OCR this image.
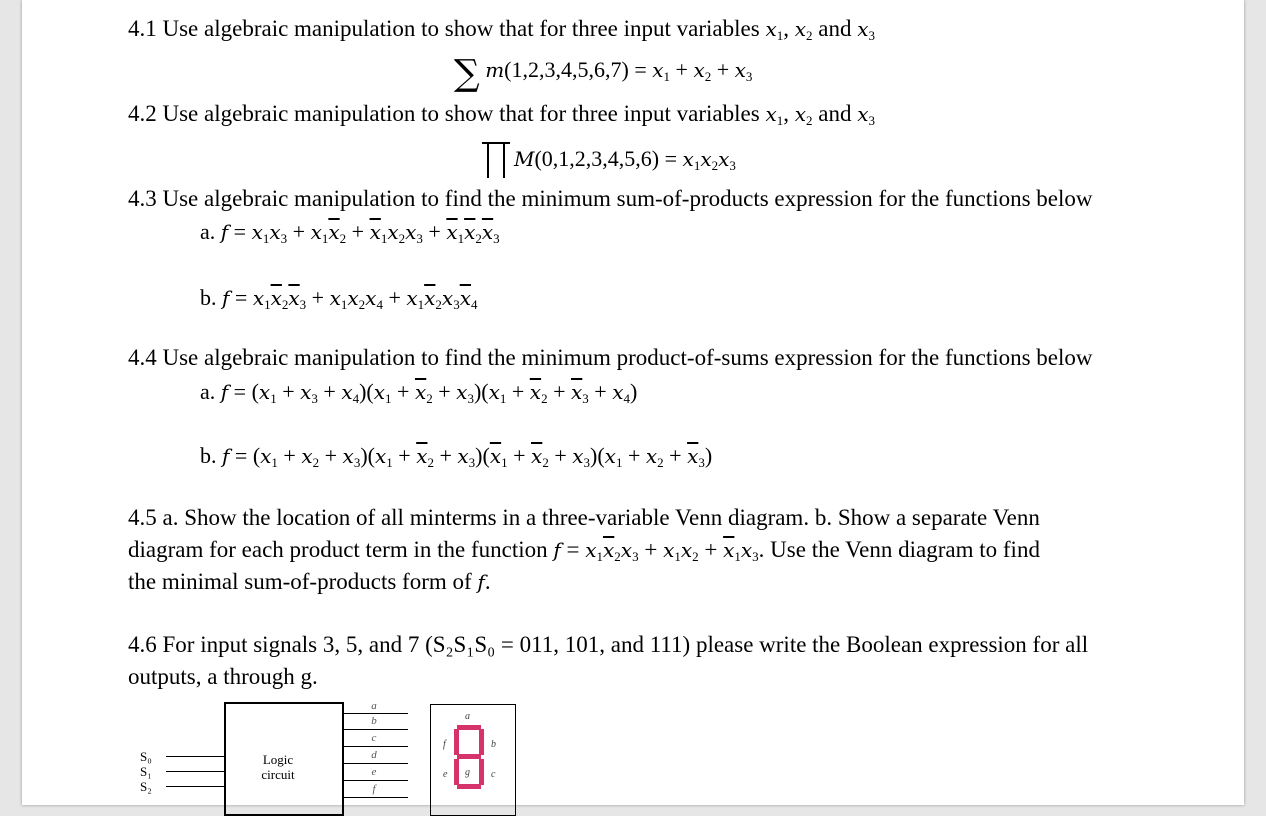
4.1 Use algebraic manipulation to show that for three input variables $x_1$, $x_2$ and $x_3$
∑ $m(1,2,3,4,5,6,7) = x_1 + x_2 + x_3$
4.2 Use algebraic manipulation to show that for three input variables $x_1$, $x_2$ and $x_3$
$M(0,1,2,3,4,5,6) = x_1x_2x_3$
4.3 Use algebraic manipulation to find the minimum sum-of-products expression for the functions below
a. $f = x_1x_3 + x_1\overline{x}_2 + \overline{x}_1x_2x_3 + \overline{x}_1\overline{x}_2\overline{x}_3$
b. $f = x_1\overline{x}_2\overline{x}_3 + x_1x_2x_4 + x_1\overline{x}_2x_3\overline{x}_4$
4.4 Use algebraic manipulation to find the minimum product-of-sums expression for the functions below
a. $f = (x_1 + x_3 + x_4)(x_1 + \overline{x}_2 + x_3)(x_1 + \overline{x}_2 + \overline{x}_3 + x_4)$
b. $f = (x_1 + x_2 + x_3)(x_1 + \overline{x}_2 + x_3)(\overline{x}_1 + \overline{x}_2 + x_3)(x_1 + x_2 + \overline{x}_3)$
4.5 a. Show the location of all minterms in a three-variable Venn diagram. b. Show a separate Venn
diagram for each product term in the function $f = x_1\overline{x}_2x_3 + x_1x_2 + \overline{x}_1x_3$. Use the Venn diagram to find
the minimal sum-of-products form of f.
4.6 For input signals 3, 5, and 7 (S₂S₁S₀ = 011, 101, and 111) please write the Boolean expression for all
outputs, a through g.
Logic circuit
S₀
S₁
S₂
a
b
c
d
e
f
a
b
c
e
f
g
